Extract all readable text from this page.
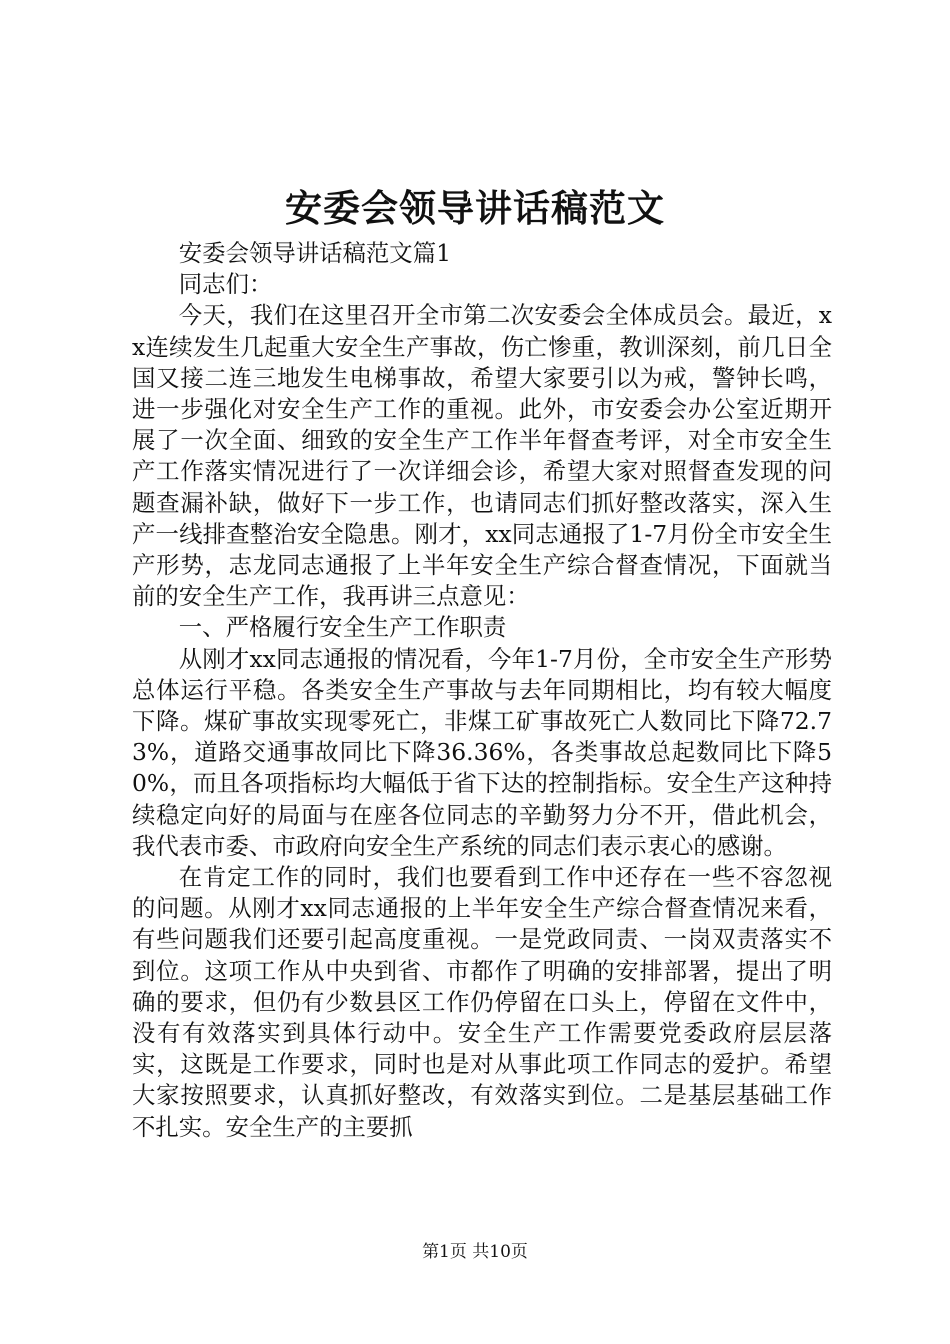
安委会领导讲话稿范文

安委会领导讲话稿范文篇1

同志们：

今天，我们在这里召开全市第二次安委会全体成员会。最近，xx连续发生几起重大安全生产事故，伤亡惨重，教训深刻，前几日全国又接二连三地发生电梯事故，希望大家要引以为戒，警钟长鸣，进一步强化对安全生产工作的重视。此外，市安委会办公室近期开展了一次全面、细致的安全生产工作半年督查考评，对全市安全生产工作落实情况进行了一次详细会诊，希望大家对照督查发现的问题查漏补缺，做好下一步工作，也请同志们抓好整改落实，深入生产一线排查整治安全隐患。刚才，xx同志通报了1-7月份全市安全生产形势，志龙同志通报了上半年安全生产综合督查情况，下面就当前的安全生产工作，我再讲三点意见：

一、严格履行安全生产工作职责

从刚才xx同志通报的情况看，今年1-7月份，全市安全生产形势总体运行平稳。各类安全生产事故与去年同期相比，均有较大幅度下降。煤矿事故实现零死亡，非煤工矿事故死亡人数同比下降72.73%，道路交通事故同比下降36.36%，各类事故总起数同比下降50%，而且各项指标均大幅低于省下达的控制指标。安全生产这种持续稳定向好的局面与在座各位同志的辛勤努力分不开，借此机会，我代表市委、市政府向安全生产系统的同志们表示衷心的感谢。

在肯定工作的同时，我们也要看到工作中还存在一些不容忽视的问题。从刚才xx同志通报的上半年安全生产综合督查情况来看，有些问题我们还要引起高度重视。一是党政同责、一岗双责落实不到位。这项工作从中央到省、市都作了明确的安排部署，提出了明确的要求，但仍有少数县区工作仍停留在口头上，停留在文件中，没有有效落实到具体行动中。安全生产工作需要党委政府层层落实，这既是工作要求，同时也是对从事此项工作同志的爱护。希望大家按照要求，认真抓好整改，有效落实到位。二是基层基础工作不扎实。安全生产的主要抓

第1页 共10页
